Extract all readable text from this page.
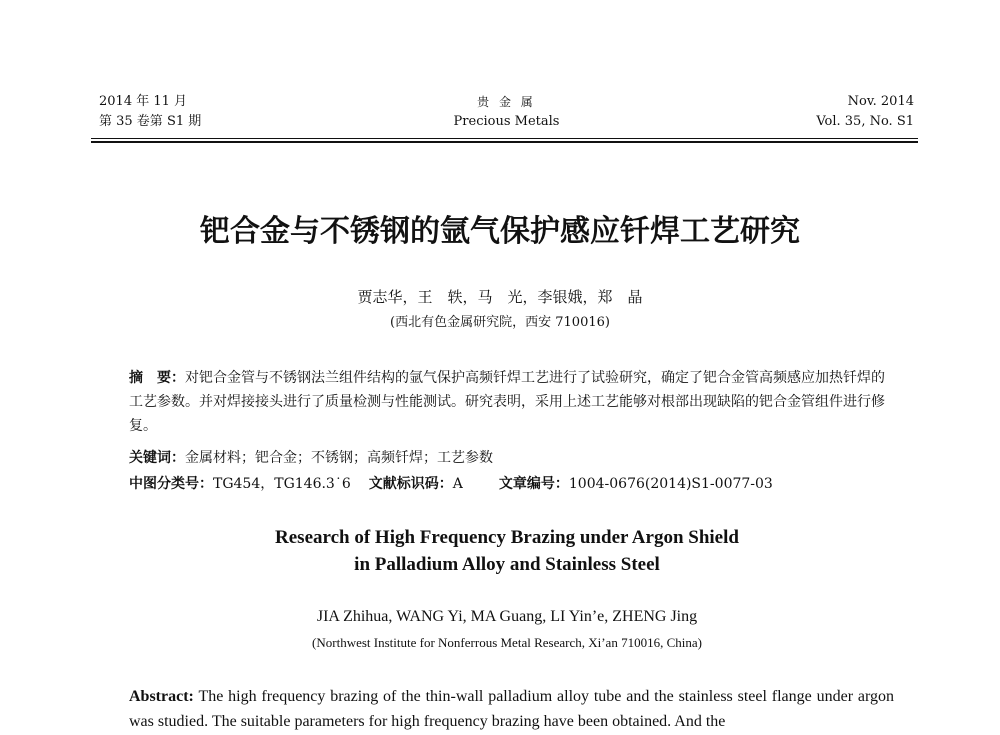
2014 年 11 月
第 35 卷第 S1 期
贵 金 属
Precious Metals
Nov. 2014
Vol. 35, No. S1
钯合金与不锈钢的氩气保护感应钎焊工艺研究
贾志华，王　轶，马　光，李银娥，郑　晶
(西北有色金属研究院，西安 710016)
摘　要：对钯合金管与不锈钢法兰组件结构的氩气保护高频钎焊工艺进行了试验研究，确定了钯合金管高频感应加热钎焊的工艺参数。并对焊接接头进行了质量检测与性能测试。研究表明，采用上述工艺能够对根部出现缺陷的钯合金管组件进行修复。
关键词：金属材料；钯合金；不锈钢；高频钎焊；工艺参数
中图分类号：TG454，TG146.3˙6 文献标识码：A	文章编号：1004-0676(2014)S1-0077-03
Research of High Frequency Brazing under Argon Shield
in Palladium Alloy and Stainless Steel
JIA Zhihua, WANG Yi, MA Guang, LI Yin’e, ZHENG Jing
(Northwest Institute for Nonferrous Metal Research, Xi’an 710016, China)
Abstract: The high frequency brazing of the thin-wall palladium alloy tube and the stainless steel flange under argon was studied. The suitable parameters for high frequency brazing have been obtained. And the
